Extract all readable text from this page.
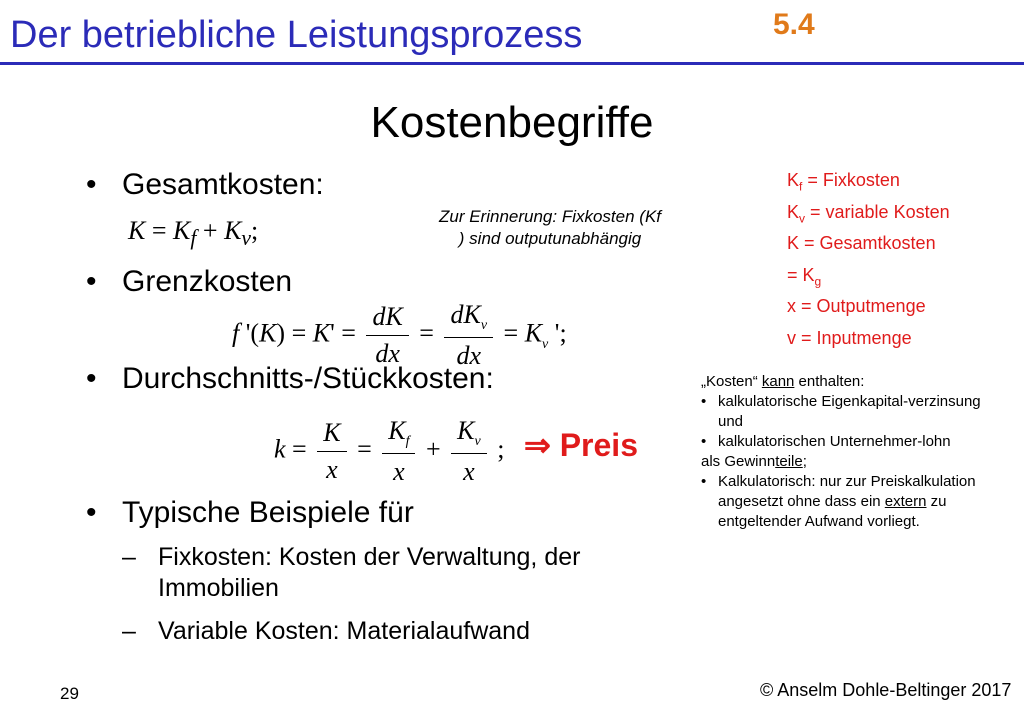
Der betriebliche Leistungsprozess	5.4
Kostenbegriffe
• Gesamtkosten:
$K = K_f + K_v$;	Zur Erinnerung: Fixkosten (Kf
) sind outputunabhängig
$K_f$ = Fixkosten
$K_v$ = variable Kosten
K = Gesamtkosten
= $K_g$
x = Outputmenge
v = Inputmenge
• Grenzkosten
f '$(K) = K' = \frac{dK}{dx} = \frac{dK_v}{dx} = K_v$ ';
• Durchschnitts-/Stückkosten:
$k = \frac{K}{x} = \frac{K_f}{x} + \frac{K_v}{x}$ ; ⇒ Preis
„Kosten“ kann enthalten:
• kalkulatorische Eigenkapital-verzinsung und
• kalkulatorischen Unternehmer-lohn
als Gewinnteile;
• Kalkulatorisch: nur zur Preiskalkulation angesetzt ohne dass ein extern zu entgeltender Aufwand vorliegt.
• Typische Beispiele für
– Fixkosten: Kosten der Verwaltung, der
Immobilien
– Variable Kosten: Materialaufwand
29	© Anselm Dohle-Beltinger 2017
